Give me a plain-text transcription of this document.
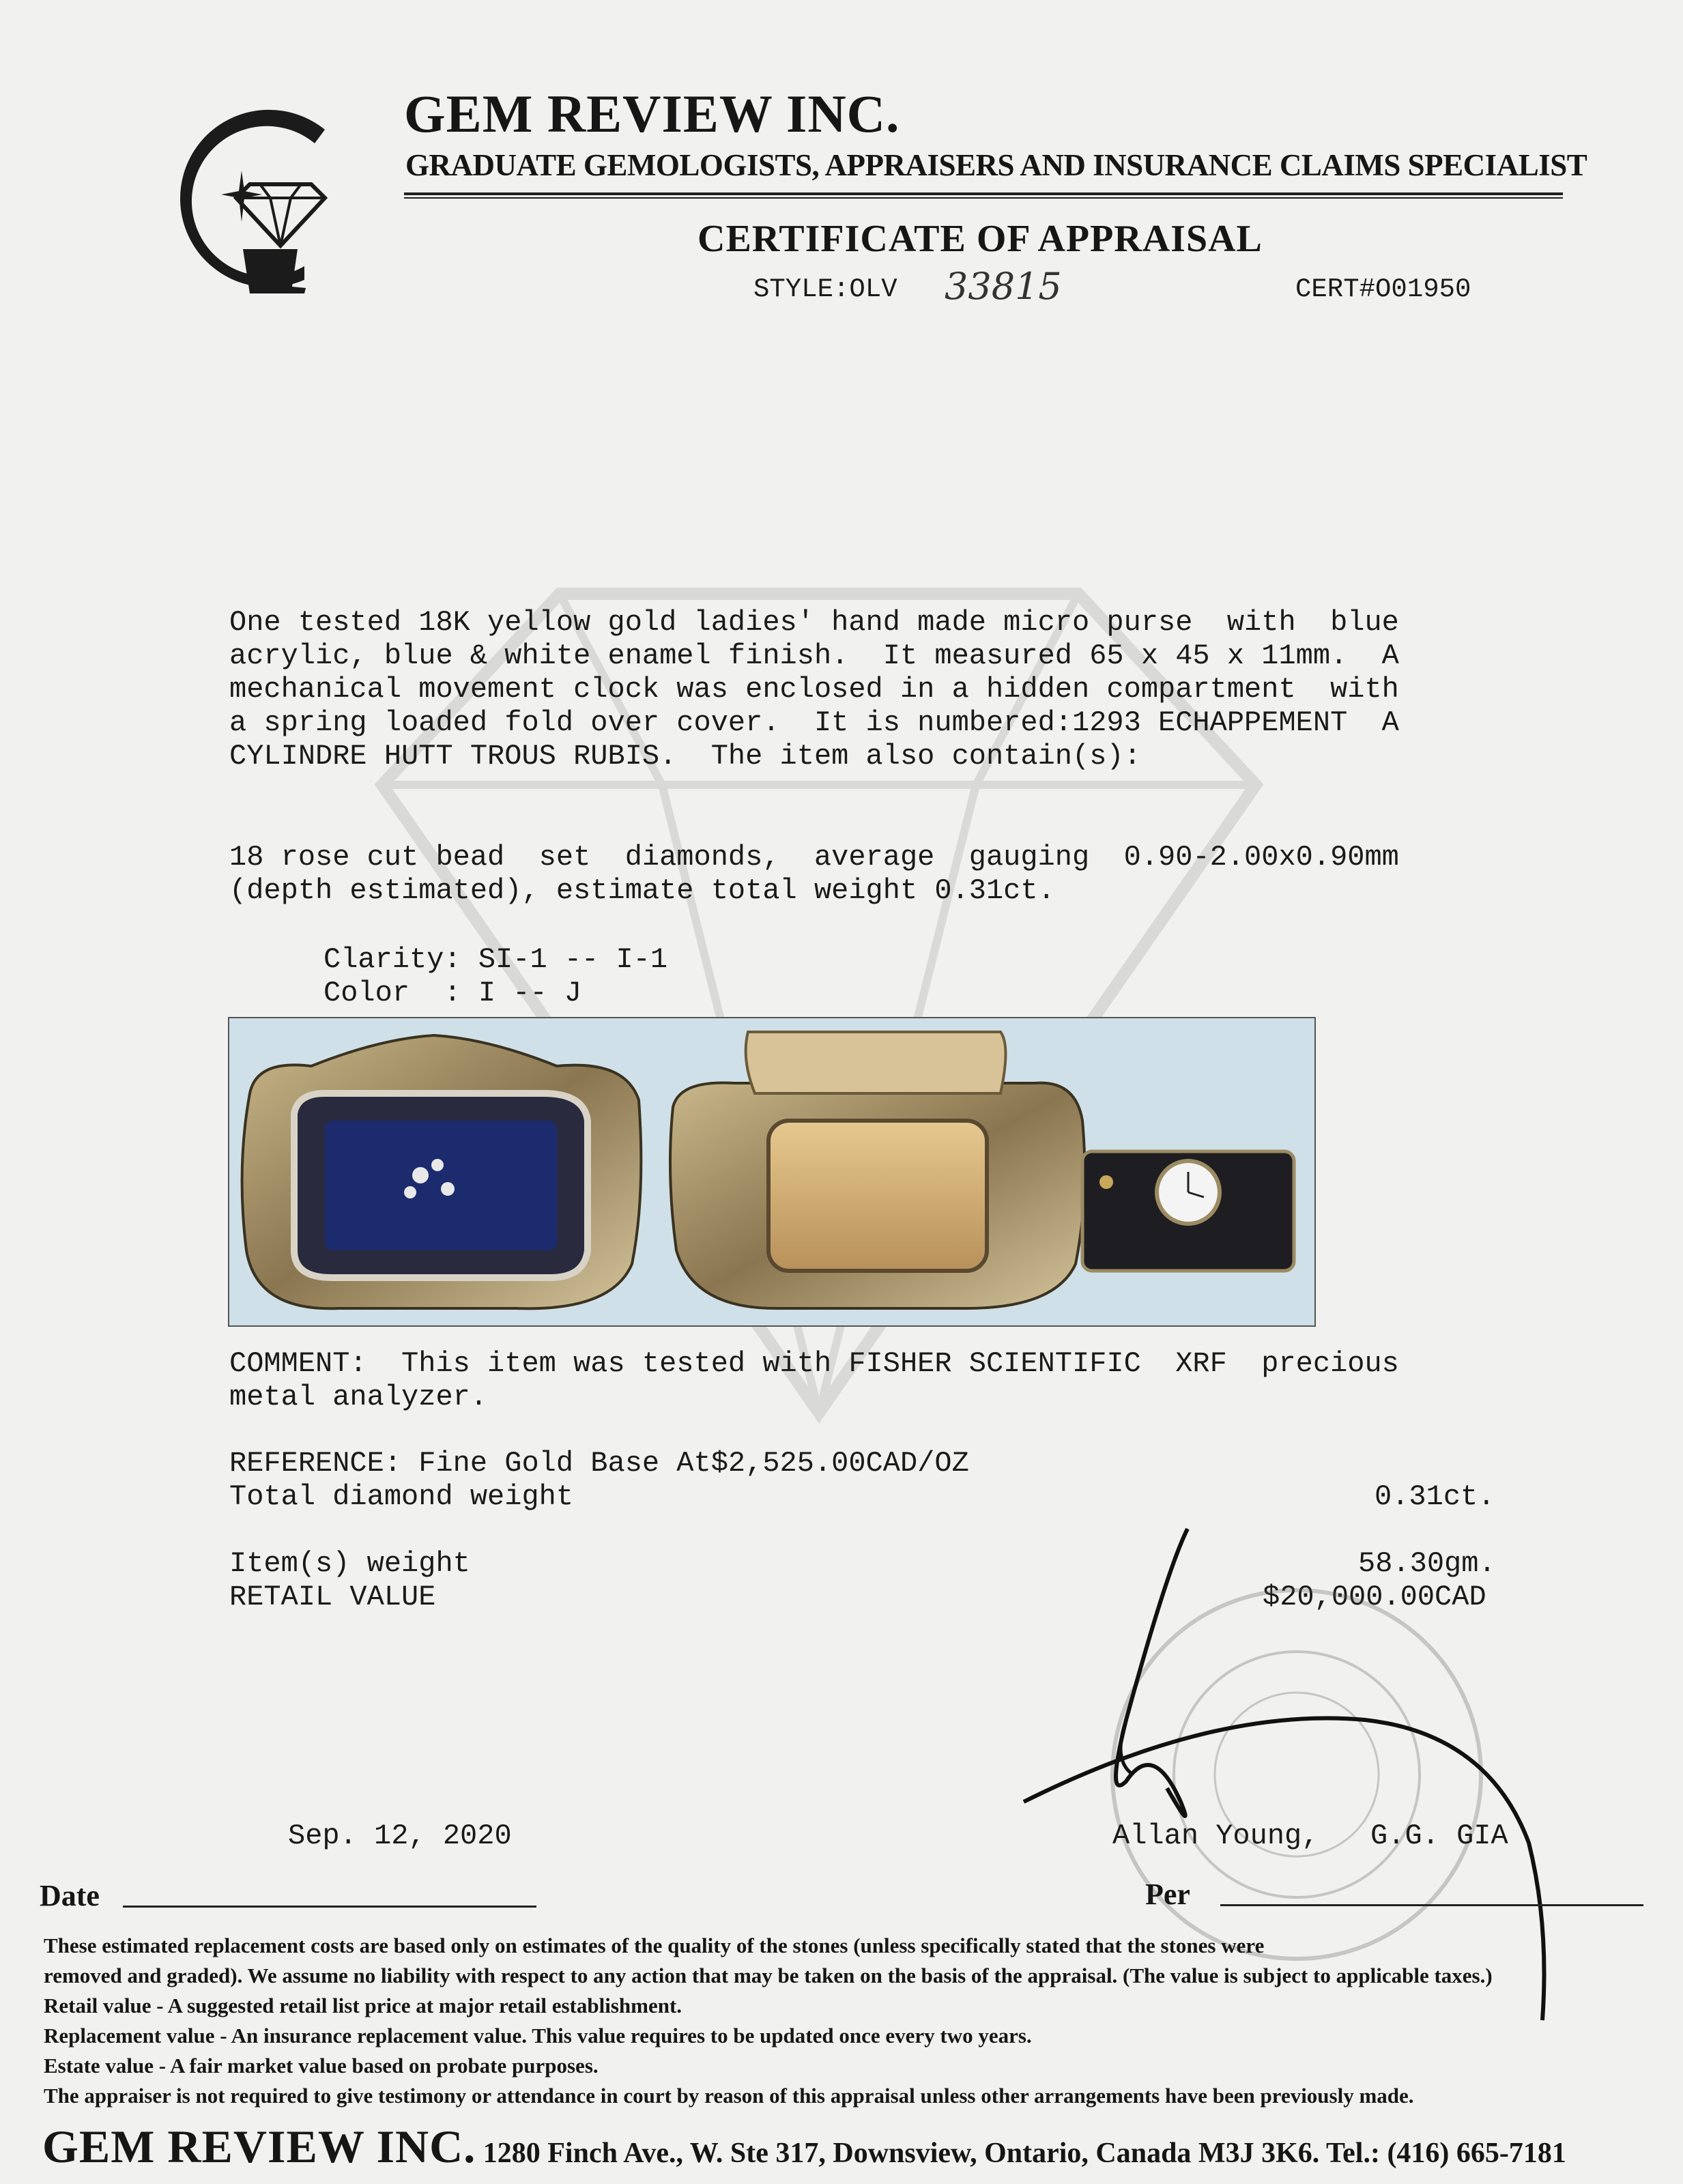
GEM REVIEW INC.
GRADUATE GEMOLOGISTS, APPRAISERS AND INSURANCE CLAIMS SPECIALIST
CERTIFICATE OF APPRAISAL
STYLE:OLV 33815	CERT#O01950
One tested 18K yellow gold ladies' hand made micro purse  with  blue
acrylic, blue & white enamel finish.  It measured 65 x 45 x 11mm.  A
mechanical movement clock was enclosed in a hidden compartment  with
a spring loaded fold over cover.  It is numbered:1293 ECHAPPEMENT  A
CYLINDRE HUTT TROUS RUBIS.  The item also contain(s):
18 rose cut bead  set  diamonds,  average  gauging  0.90-2.00x0.90mm
(depth estimated), estimate total weight 0.31ct.
Clarity: SI-1 -- I-1
Color  : I -- J
COMMENT:  This item was tested with FISHER SCIENTIFIC  XRF  precious
metal analyzer.
REFERENCE: Fine Gold Base At$2,525.00CAD/OZ
Total diamond weight	0.31ct.
Item(s) weight	58.30gm.
RETAIL VALUE	$20,000.00CAD
Sep. 12, 2020	Allan Young,   G.G. GIA
Date	Per
These estimated replacement costs are based only on estimates of the quality of the stones (unless specifically stated that the stones were
removed and graded). We assume no liability with respect to any action that may be taken on the basis of the appraisal. (The value is subject to applicable taxes.)
Retail value - A suggested retail list price at major retail establishment.
Replacement value - An insurance replacement value. This value requires to be updated once every two years.
Estate value - A fair market value based on probate purposes.
The appraiser is not required to give testimony or attendance in court by reason of this appraisal unless other arrangements have been previously made.
GEM REVIEW INC. 1280 Finch Ave., W. Ste 317, Downsview, Ontario, Canada M3J 3K6. Tel.: (416) 665-7181
